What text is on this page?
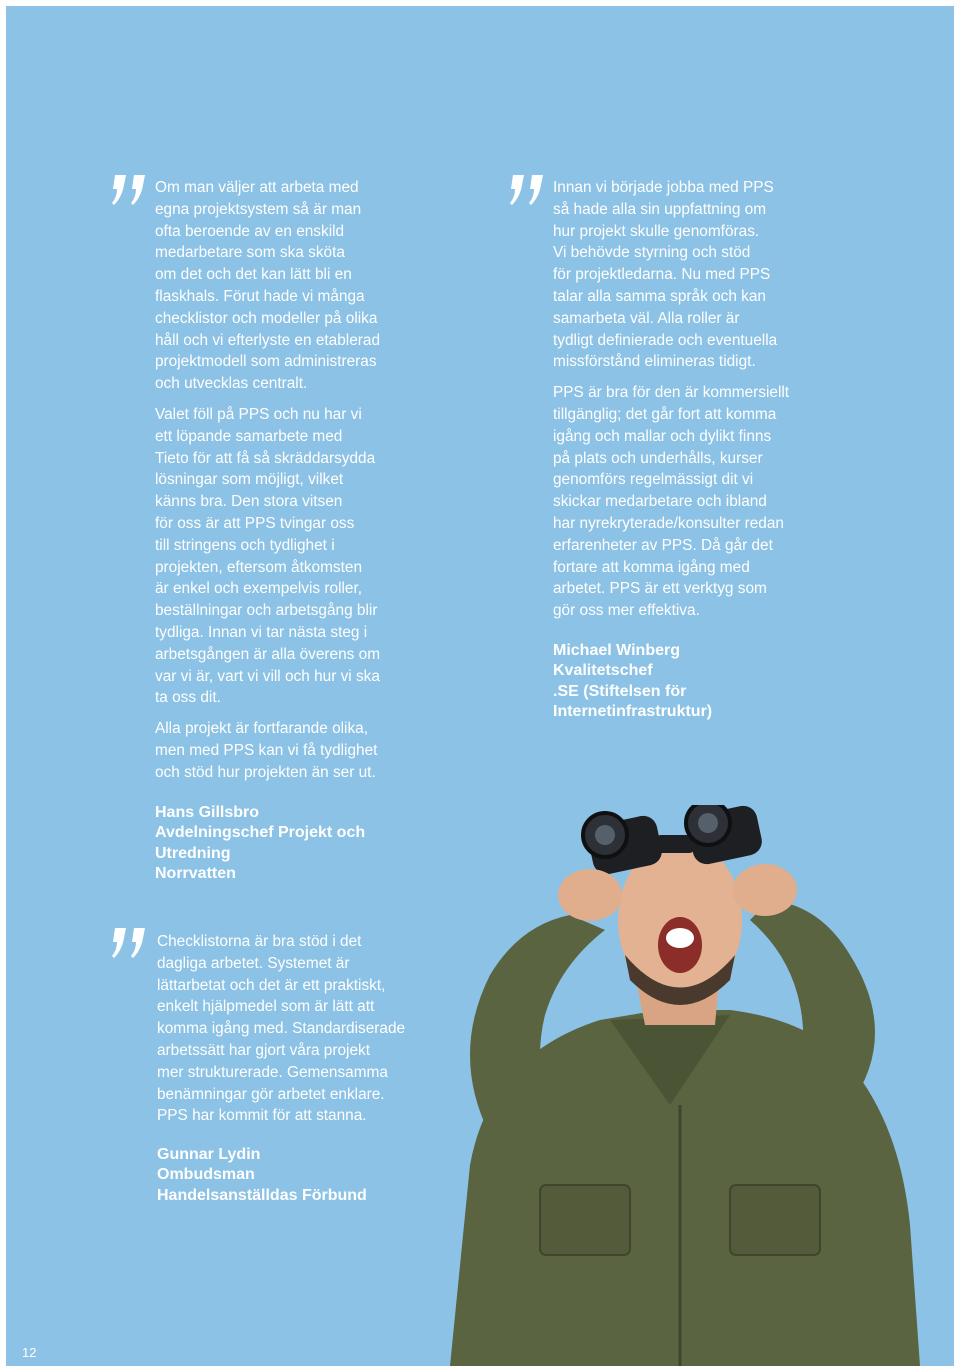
Om man väljer att arbeta med
egna projektsystem så är man
ofta beroende av en enskild
medarbetare som ska sköta
om det och det kan lätt bli en
flaskhals. Förut hade vi många
checklistor och modeller på olika
håll och vi efterlyste en etablerad
projektmodell som administreras
och utvecklas centralt.

Valet föll på PPS och nu har vi
ett löpande samarbete med
Tieto för att få så skräddarsydda
lösningar som möjligt, vilket
känns bra. Den stora vitsen
för oss är att PPS tvingar oss
till stringens och tydlighet i
projekten, eftersom åtkomsten
är enkel och exempelvis roller,
beställningar och arbetsgång blir
tydliga. Innan vi tar nästa steg i
arbetsgången är alla överens om
var vi är, vart vi vill och hur vi ska
ta oss dit.

Alla projekt är fortfarande olika,
men med PPS kan vi få tydlighet
och stöd hur projekten än ser ut.

Hans Gillsbro
Avdelningschef Projekt och
Utredning
Norrvatten

Innan vi började jobba med PPS
så hade alla sin uppfattning om
hur projekt skulle genomföras.
Vi behövde styrning och stöd
för projektledarna. Nu med PPS
talar alla samma språk och kan
samarbeta väl. Alla roller är
tydligt definierade och eventuella
missförstånd elimineras tidigt.

PPS är bra för den är kommersiellt
tillgänglig; det går fort att komma
igång och mallar och dylikt finns
på plats och underhålls, kurser
genomförs regelmässigt dit vi
skickar medarbetare och ibland
har nyrekryterade/konsulter redan
erfarenheter av PPS. Då går det
fortare att komma igång med
arbetet. PPS är ett verktyg som
gör oss mer effektiva.

Michael Winberg
Kvalitetschef
.SE (Stiftelsen för
Internetinfrastruktur)

Checklistorna är bra stöd i det
dagliga arbetet. Systemet är
lättarbetat och det är ett praktiskt,
enkelt hjälpmedel som är lätt att
komma igång med. Standardiserade
arbetssätt har gjort våra projekt
mer strukturerade. Gemensamma
benämningar gör arbetet enklare.
PPS har kommit för att stanna.

Gunnar Lydin
Ombudsman
Handelsanställdas Förbund
12
